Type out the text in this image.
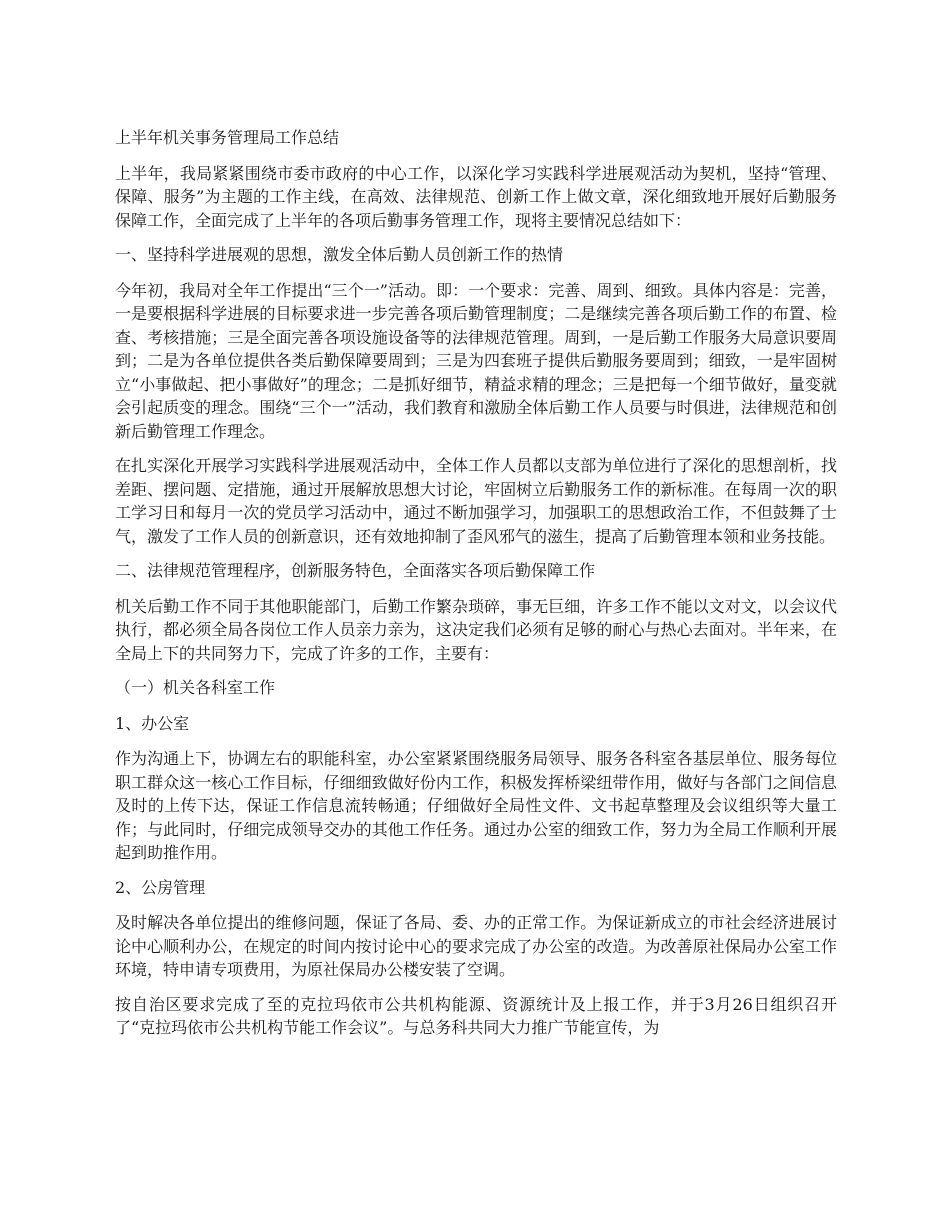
上半年机关事务管理局工作总结

上半年，我局紧紧围绕市委市政府的中心工作，以深化学习实践科学进展观活动为契机，坚持“管理、保障、服务”为主题的工作主线，在高效、法律规范、创新工作上做文章，深化细致地开展好后勤服务保障工作，全面完成了上半年的各项后勤事务管理工作，现将主要情况总结如下：

一、坚持科学进展观的思想，激发全体后勤人员创新工作的热情

今年初，我局对全年工作提出“三个一”活动。即：一个要求：完善、周到、细致。具体内容是：完善，一是要根据科学进展的目标要求进一步完善各项后勤管理制度；二是继续完善各项后勤工作的布置、检查、考核措施；三是全面完善各项设施设备等的法律规范管理。周到，一是后勤工作服务大局意识要周到；二是为各单位提供各类后勤保障要周到；三是为四套班子提供后勤服务要周到；细致，一是牢固树立“小事做起、把小事做好”的理念；二是抓好细节，精益求精的理念；三是把每一个细节做好，量变就会引起质变的理念。围绕“三个一”活动，我们教育和激励全体后勤工作人员要与时俱进，法律规范和创新后勤管理工作理念。

在扎实深化开展学习实践科学进展观活动中，全体工作人员都以支部为单位进行了深化的思想剖析，找差距、摆问题、定措施，通过开展解放思想大讨论，牢固树立后勤服务工作的新标准。在每周一次的职工学习日和每月一次的党员学习活动中，通过不断加强学习，加强职工的思想政治工作，不但鼓舞了士气，激发了工作人员的创新意识，还有效地抑制了歪风邪气的滋生，提高了后勤管理本领和业务技能。

二、法律规范管理程序，创新服务特色，全面落实各项后勤保障工作

机关后勤工作不同于其他职能部门，后勤工作繁杂琐碎，事无巨细，许多工作不能以文对文，以会议代执行，都必须全局各岗位工作人员亲力亲为，这决定我们必须有足够的耐心与热心去面对。半年来，在全局上下的共同努力下，完成了许多的工作，主要有：

（一）机关各科室工作

1、办公室

作为沟通上下，协调左右的职能科室，办公室紧紧围绕服务局领导、服务各科室各基层单位、服务每位职工群众这一核心工作目标，仔细细致做好份内工作，积极发挥桥梁纽带作用，做好与各部门之间信息及时的上传下达，保证工作信息流转畅通；仔细做好全局性文件、文书起草整理及会议组织等大量工作；与此同时，仔细完成领导交办的其他工作任务。通过办公室的细致工作，努力为全局工作顺利开展起到助推作用。

2、公房管理

及时解决各单位提出的维修问题，保证了各局、委、办的正常工作。为保证新成立的市社会经济进展讨论中心顺利办公，在规定的时间内按讨论中心的要求完成了办公室的改造。为改善原社保局办公室工作环境，特申请专项费用，为原社保局办公楼安装了空调。

按自治区要求完成了至的克拉玛依市公共机构能源、资源统计及上报工作，并于3月26日组织召开了“克拉玛依市公共机构节能工作会议”。与总务科共同大力推广节能宣传，为
